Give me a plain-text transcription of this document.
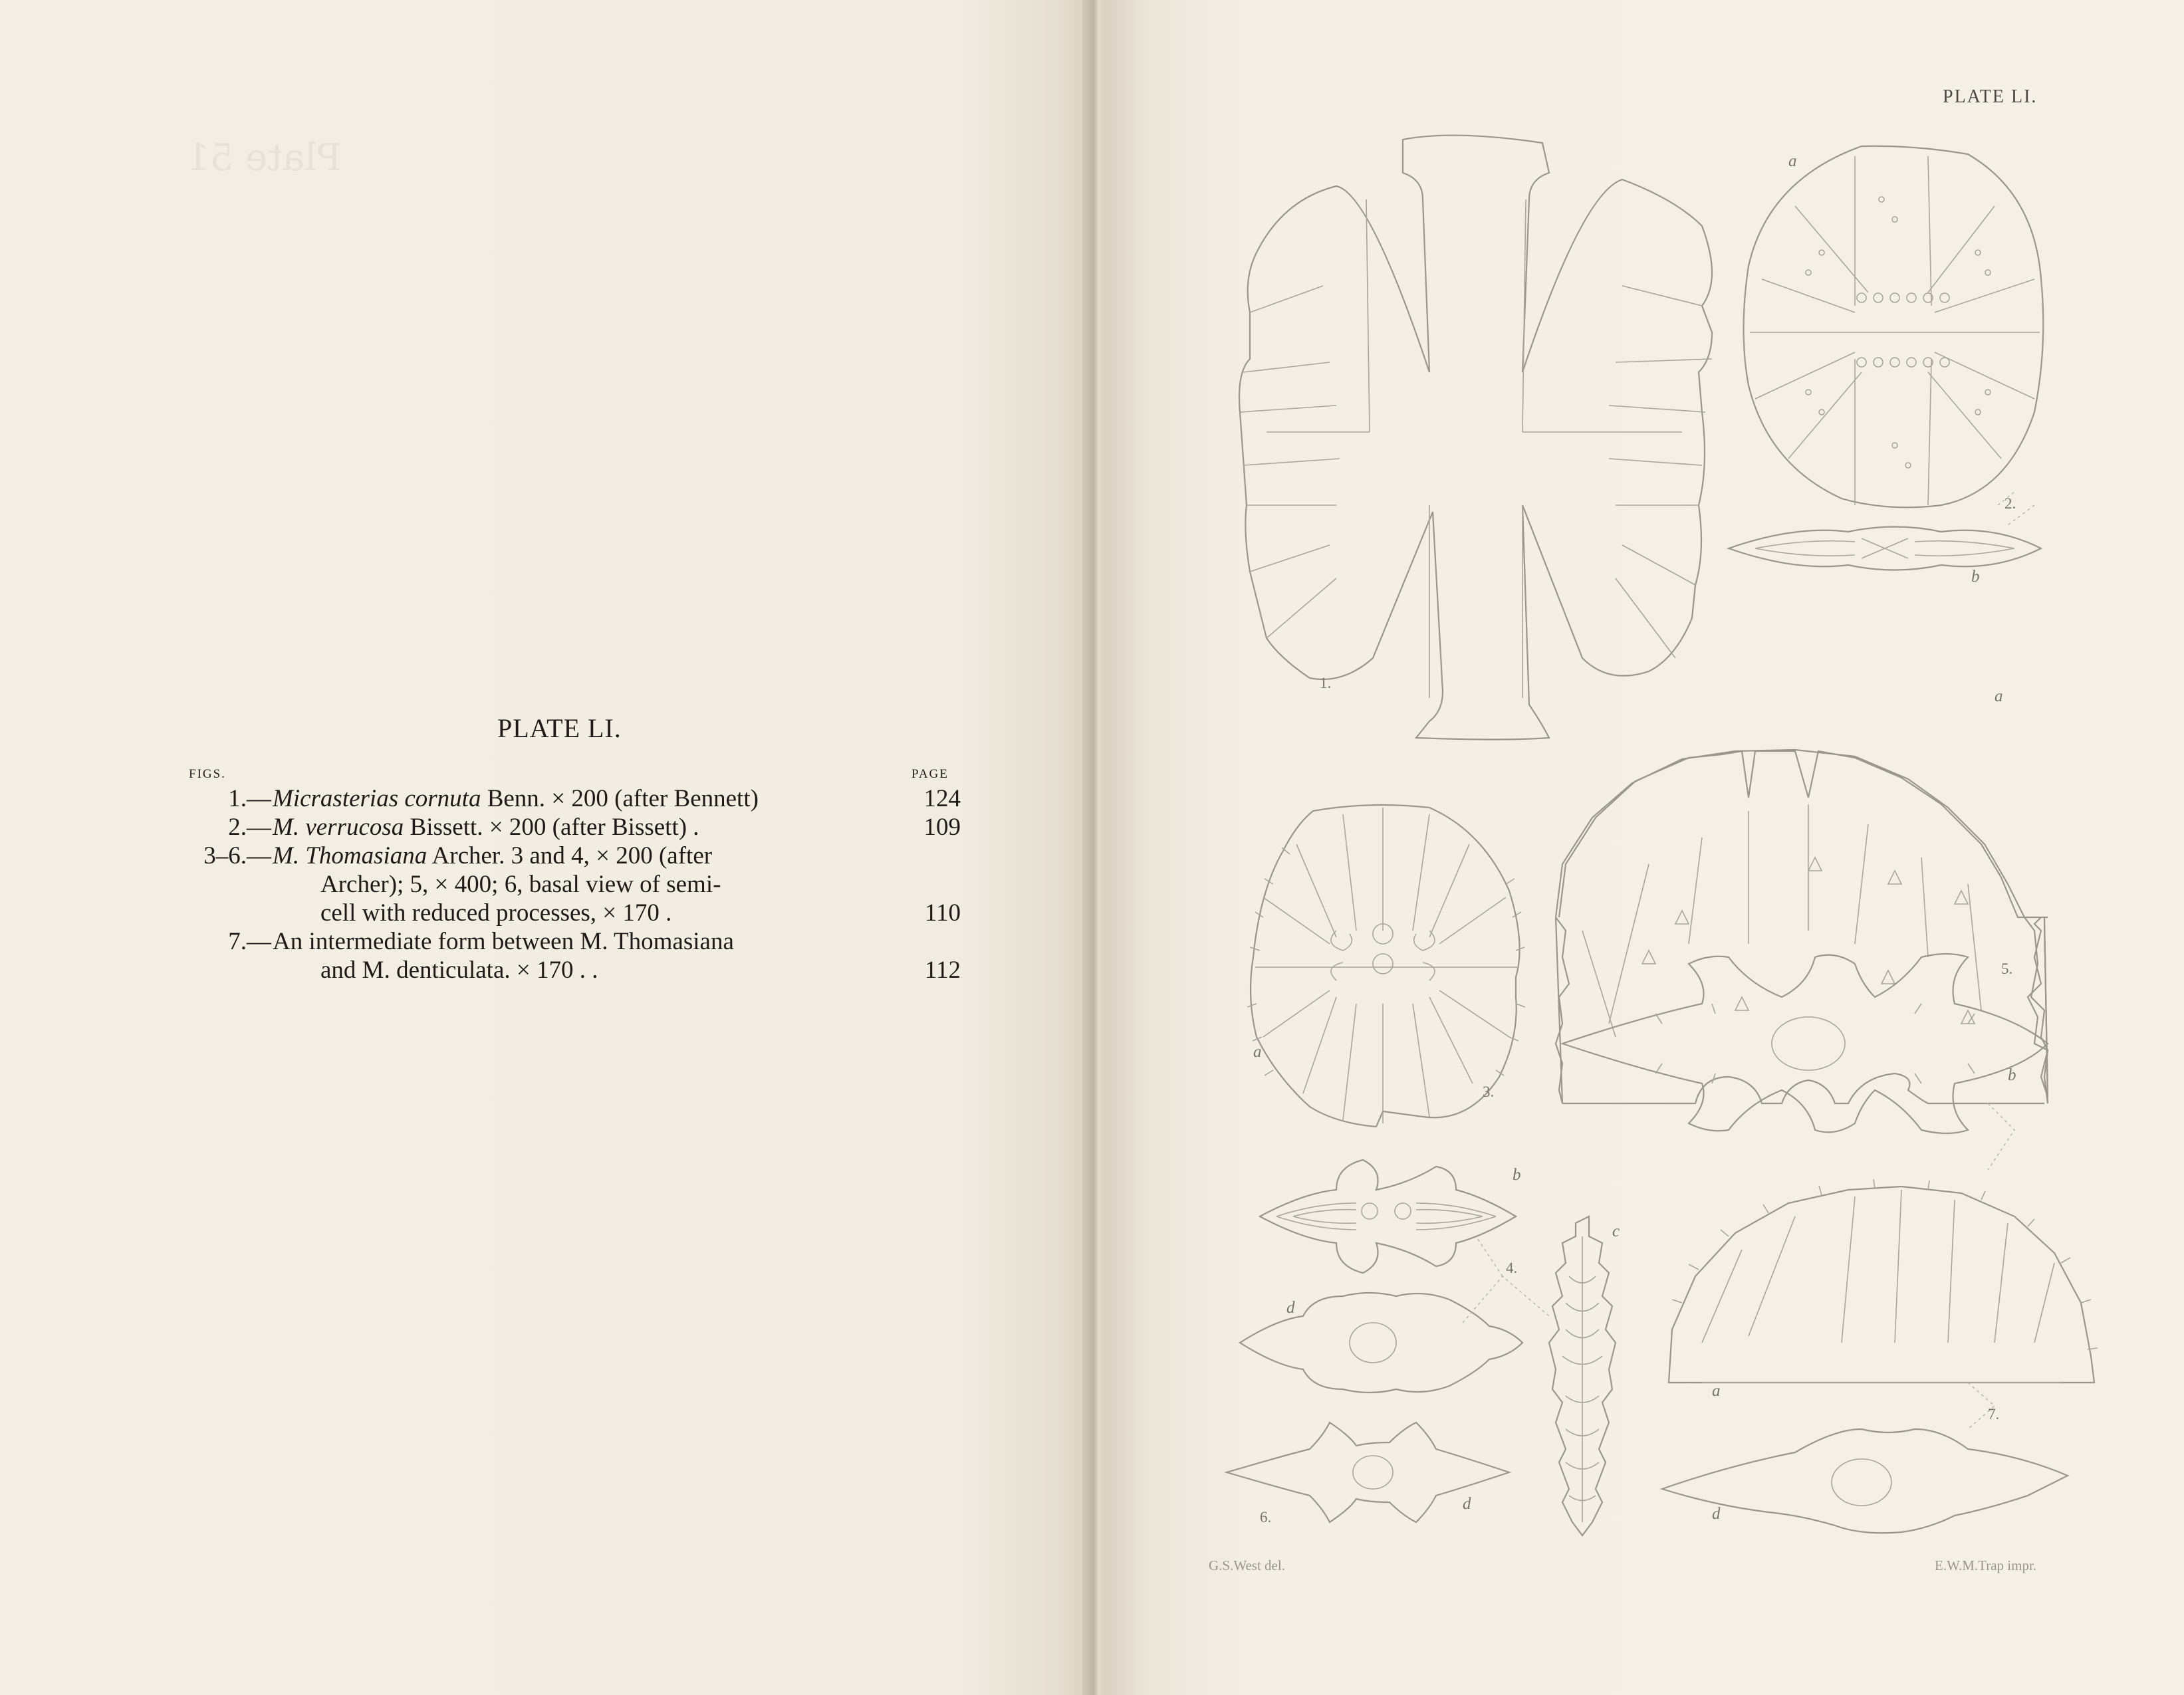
Plate 51
PLATE LI.
FIGS.	PAGE
1.— Micrasterias cornuta Benn. × 200 (after Bennett)	124
2.— M. verrucosa Bissett. × 200 (after Bissett) .	109
3–6.— M. Thomasiana Archer. 3 and 4, × 200 (after
Archer); 5, × 400; 6, basal view of semi-
cell with reduced processes, × 170 .	110
7.— An intermediate form between M. Thomasiana
and M. denticulata. × 170 . .	112
1.
2.
a
b
3.
a
5.
a
b
b
4.
c
d
6.
d
7.
a
d
PLATE LI.
G.S.West del.	E.W.M.Trap impr.
